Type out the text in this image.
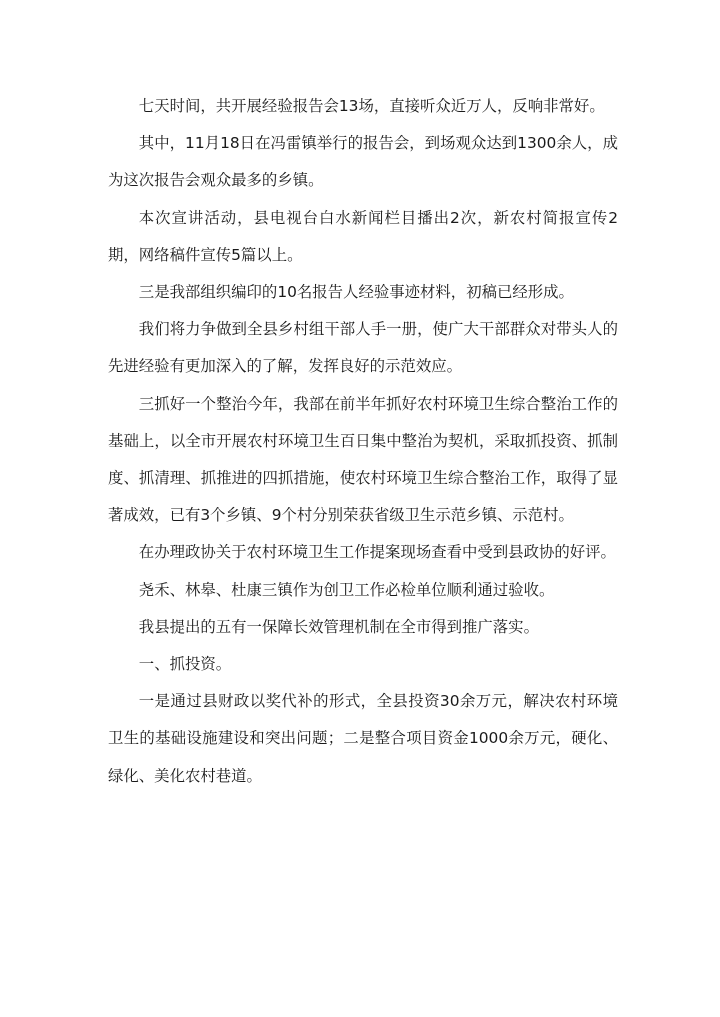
七天时间，共开展经验报告会13场，直接听众近万人，反响非常好。

其中，11月18日在冯雷镇举行的报告会，到场观众达到1300余人，成为这次报告会观众最多的乡镇。

本次宣讲活动，县电视台白水新闻栏目播出2次，新农村简报宣传2期，网络稿件宣传5篇以上。

三是我部组织编印的10名报告人经验事迹材料，初稿已经形成。

我们将力争做到全县乡村组干部人手一册，使广大干部群众对带头人的先进经验有更加深入的了解，发挥良好的示范效应。

三抓好一个整治今年，我部在前半年抓好农村环境卫生综合整治工作的基础上，以全市开展农村环境卫生百日集中整治为契机，采取抓投资、抓制度、抓清理、抓推进的四抓措施，使农村环境卫生综合整治工作，取得了显著成效，已有3个乡镇、9个村分别荣获省级卫生示范乡镇、示范村。

在办理政协关于农村环境卫生工作提案现场查看中受到县政协的好评。

尧禾、林皋、杜康三镇作为创卫工作必检单位顺利通过验收。

我县提出的五有一保障长效管理机制在全市得到推广落实。

一、抓投资。

一是通过县财政以奖代补的形式，全县投资30余万元，解决农村环境卫生的基础设施建设和突出问题；二是整合项目资金1000余万元，硬化、绿化、美化农村巷道。
